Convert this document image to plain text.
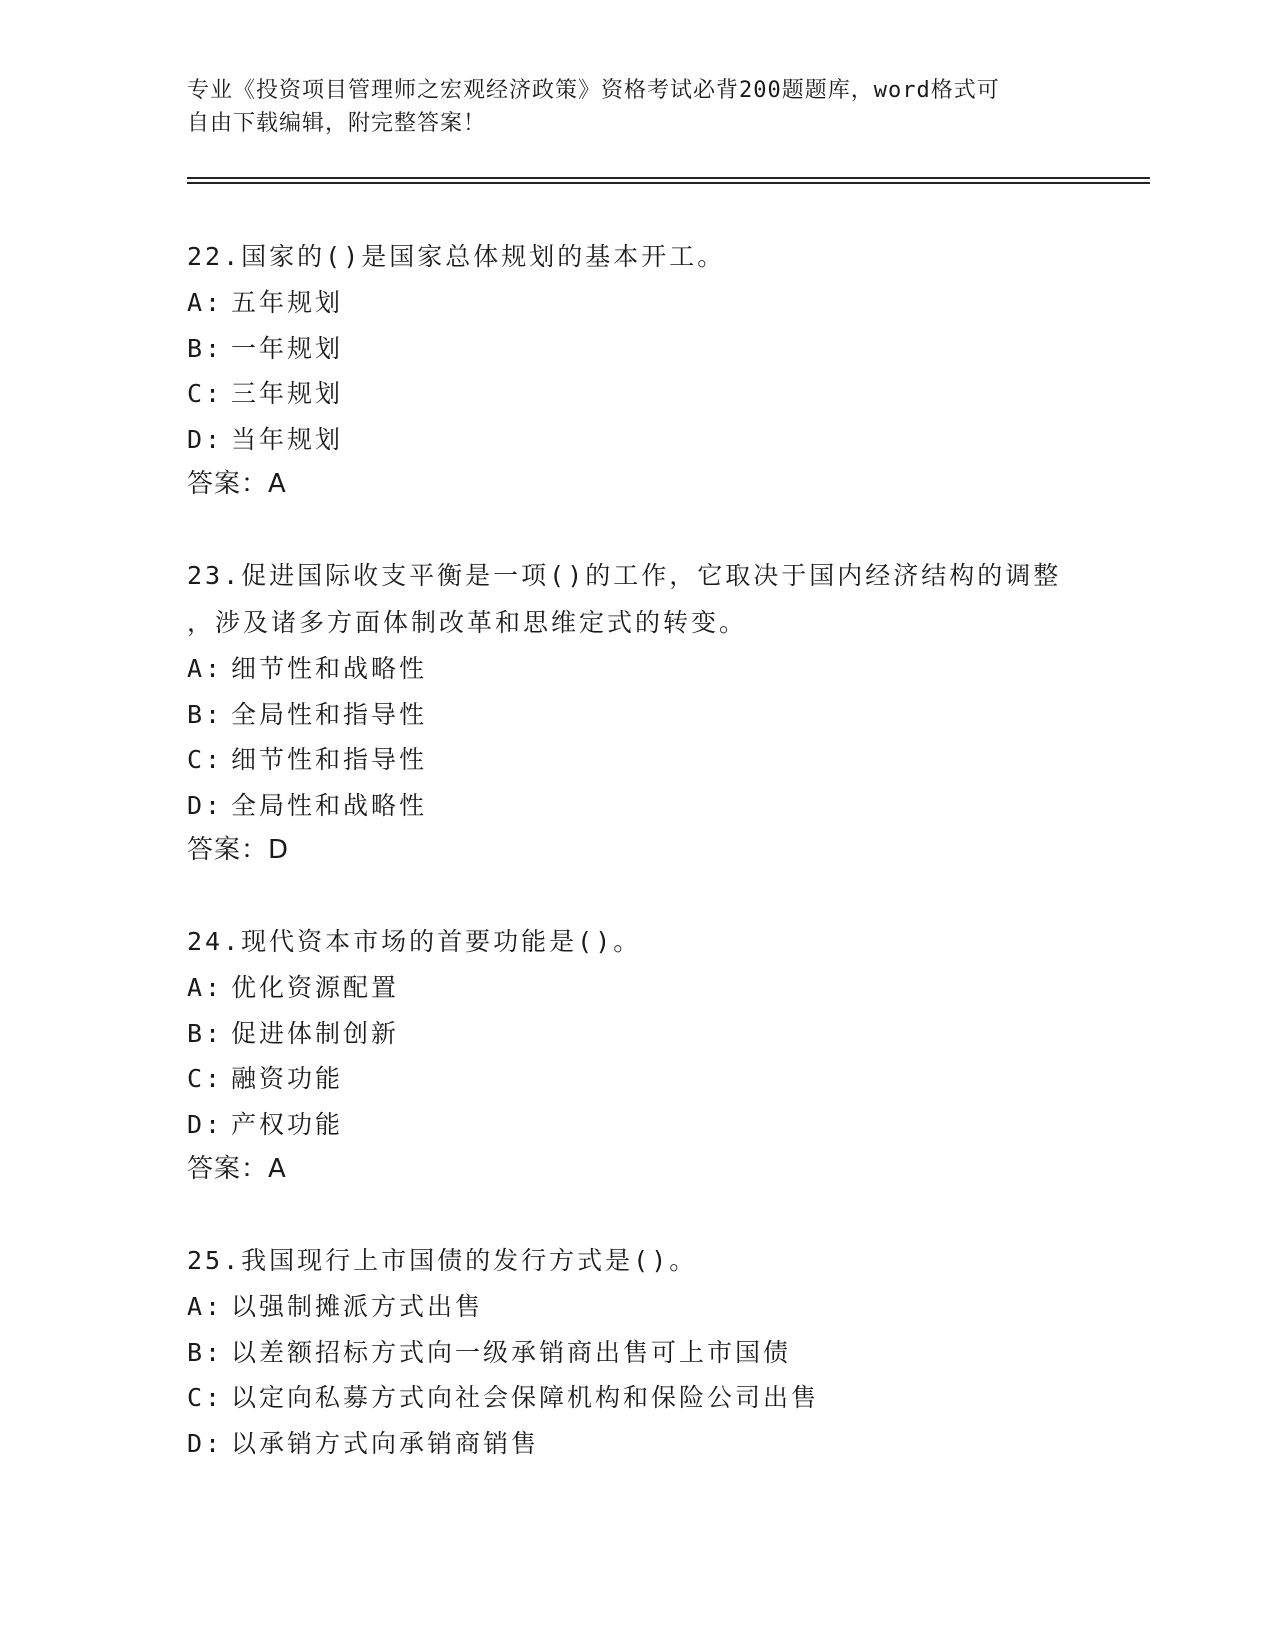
专业《投资项目管理师之宏观经济政策》资格考试必背200题题库，word格式可
自由下载编辑，附完整答案！
22.国家的()是国家总体规划的基本开工。
A: 五年规划
B: 一年规划
C: 三年规划
D: 当年规划
答案：A
23.促进国际收支平衡是一项()的工作，它取决于国内经济结构的调整
，涉及诸多方面体制改革和思维定式的转变。
A: 细节性和战略性
B: 全局性和指导性
C: 细节性和指导性
D: 全局性和战略性
答案：D
24.现代资本市场的首要功能是()。
A: 优化资源配置
B: 促进体制创新
C: 融资功能
D: 产权功能
答案：A
25.我国现行上市国债的发行方式是()。
A: 以强制摊派方式出售
B: 以差额招标方式向一级承销商出售可上市国债
C: 以定向私募方式向社会保障机构和保险公司出售
D: 以承销方式向承销商销售
